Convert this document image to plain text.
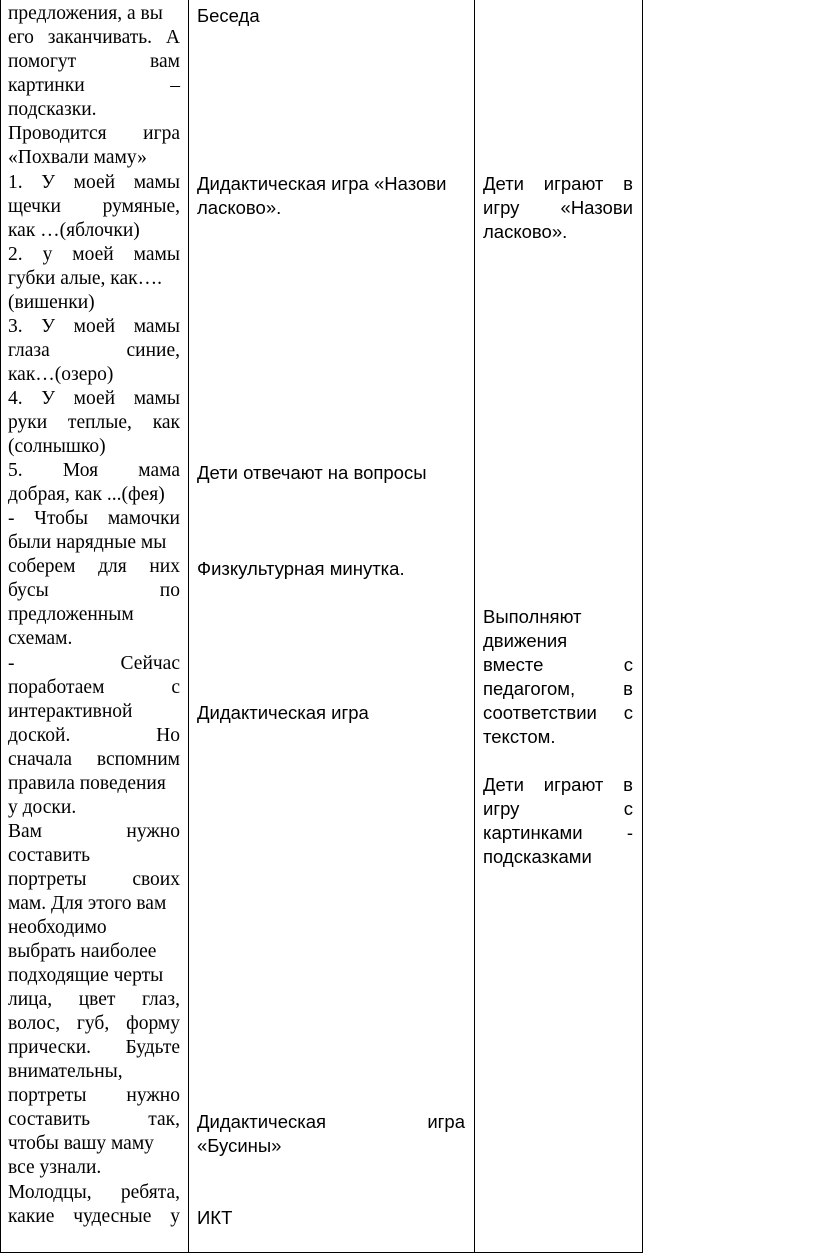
предложения, а вы
его заканчивать. А
помогут вам
картинки –
подсказки.
Проводится игра
«Похвали маму»
1. У моей мамы
щечки румяные,
как …(яблочки)
2. у моей мамы
губки алые, как….
(вишенки)
3. У моей мамы
глаза синие,
как…(озеро)
4. У моей мамы
руки теплые, как
(солнышко)
5. Моя мама
добрая, как ...(фея)
- Чтобы мамочки
были нарядные мы
соберем для них
бусы по
предложенным
схемам.
- Сейчас
поработаем с
интерактивной
доской. Но
сначала вспомним
правила поведения
у доски.
Вам нужно
составить
портреты своих
мам. Для этого вам
необходимо
выбрать наиболее
подходящие черты
лица, цвет глаз,
волос, губ, форму
прически. Будьте
внимательны,
портреты нужно
составить так,
чтобы вашу маму
все узнали.
Молодцы, ребята,
какие чудесные у
Беседа
Дидактическая игра «Назови
ласково».
Дети отвечают на вопросы
Физкультурная минутка.
Дидактическая игра
Дидактическая игра
«Бусины»
ИКТ
Дети играют в
игру «Назови
ласково».
Выполняют
движения
вместе с
педагогом, в
соответствии с
текстом.
Дети играют в
игру с
картинками -
подсказками
